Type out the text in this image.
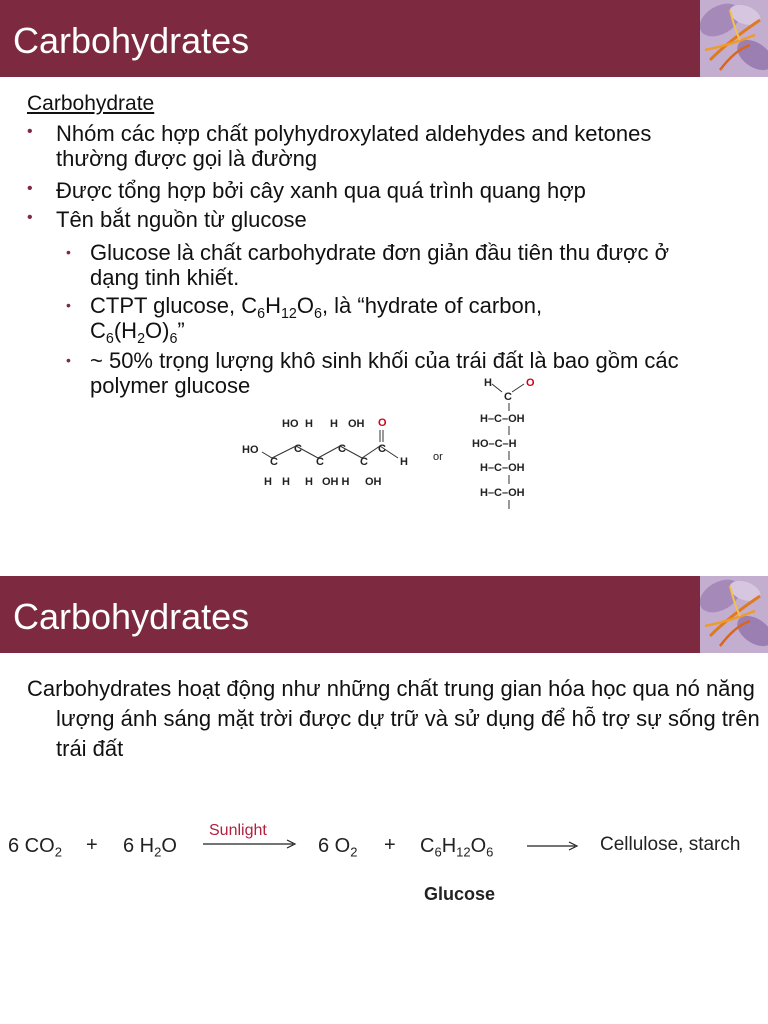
Carbohydrates
Carbohydrate
• Nhóm các hợp chất polyhydroxylated aldehydes and ketones thường được gọi là đường
• Được tổng hợp bởi cây xanh qua quá trình quang hợp
• Tên bắt nguồn từ glucose
• Glucose là chất carbohydrate đơn giản đầu tiên thu được ở dạng tinh khiết.
• CTPT glucose, $C_6H_{12}O_6$, là “hydrate of carbon,
$C_6(H_2O)_6$”
• ~ 50% trọng lượng khô sinh khối của trái đất là bao gồm các polymer glucose
HO H H OH O
HO
C
C
C
C
C
C
H
H H H OH H OH
or
H
C
O
H–C–OH
HO–C–H
H–C–OH
H–C–OH
Carbohydrates
Carbohydrates hoạt động như những chất trung gian hóa học qua nó năng lượng ánh sáng mặt trời được dự trữ và sử dụng để hỗ trợ sự sống trên trái đất
6 $CO_2 + 6$ $H_2O$
Sunlight
6 $O_2 + C_6H_{12}O_6$	Cellulose, starch
Glucose
